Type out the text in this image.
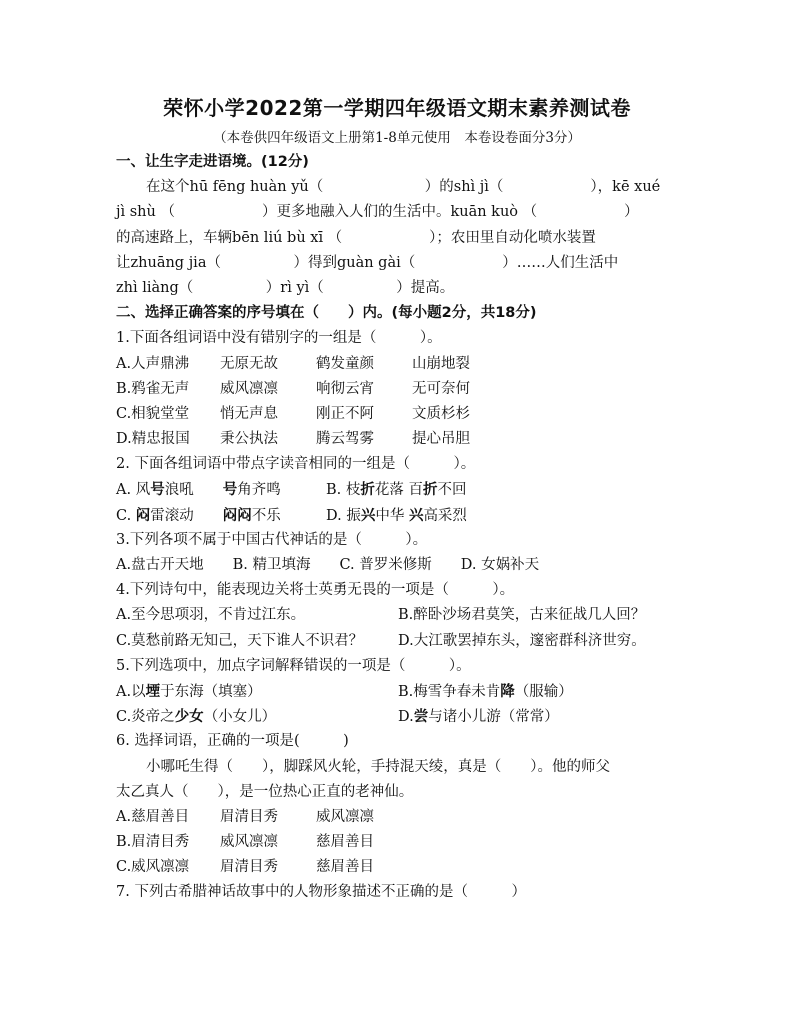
荣怀小学2022第一学期四年级语文期末素养测试卷
（本卷供四年级语文上册第1-8单元使用　本卷设卷面分3分）
一、让生字走进语境。(12分)
在这个hū fēng huàn yǔ（　　　　　　　）的shì jì（　　　　　　），kē xué
jì shù （　　　　　　）更多地融入人们的生活中。kuān kuò （　　　　　　）
的高速路上，车辆bēn liú bù xī （　　　　　　）；农田里自动化喷水装置
让zhuāng jia（　　　　　）得到guàn gài（　　　　　　）……人们生活中
zhì liàng（　　　　　）rì yì（　　　　　）提高。
二、选择正确答案的序号填在（　　）内。(每小题2分，共18分)
1.下面各组词语中没有错别字的一组是（　　　）。
A.人声鼎沸 无原无故	鹤发童颜	山崩地裂
B.鸦雀无声 威风凛凛	响彻云宵	无可奈何
C.相貌堂堂 悄无声息	刚正不阿	文质杉杉
D.精忠报国 秉公执法	腾云驾雾	提心吊胆
2. 下面各组词语中带点字读音相同的一组是（　　　）。
A. 风号浪吼　　号角齐鸣	B. 枝折花落 百折不回
C. 闷雷滚动　　闷闷不乐	D. 振兴中华 兴高采烈
3.下列各项不属于中国古代神话的是（　　　）。
A.盘古开天地　　B. 精卫填海　　C. 普罗米修斯　　D. 女娲补天
4.下列诗句中，能表现边关将士英勇无畏的一项是（　　　）。
A.至今思项羽，不肯过江东。	B.醉卧沙场君莫笑，古来征战几人回？
C.莫愁前路无知己，天下谁人不识君？ D.大江歌罢掉东头，邃密群科济世穷。
5.下列选项中，加点字词解释错误的一项是（　　　）。
A.以堙于东海（填塞）	B.梅雪争春未肯降（服输）
C.炎帝之少女（小女儿）	D.尝与诸小儿游（常常）
6. 选择词语，正确的一项是(　　　)
小哪吒生得（　　），脚踩风火轮，手持混天绫，真是（　　）。他的师父
太乙真人（　　），是一位热心正直的老神仙。
A.慈眉善目 眉清目秀	威风凛凛
B.眉清目秀 威风凛凛	慈眉善目
C.威风凛凛 眉清目秀	慈眉善目
7. 下列古希腊神话故事中的人物形象描述不正确的是（　　　）
